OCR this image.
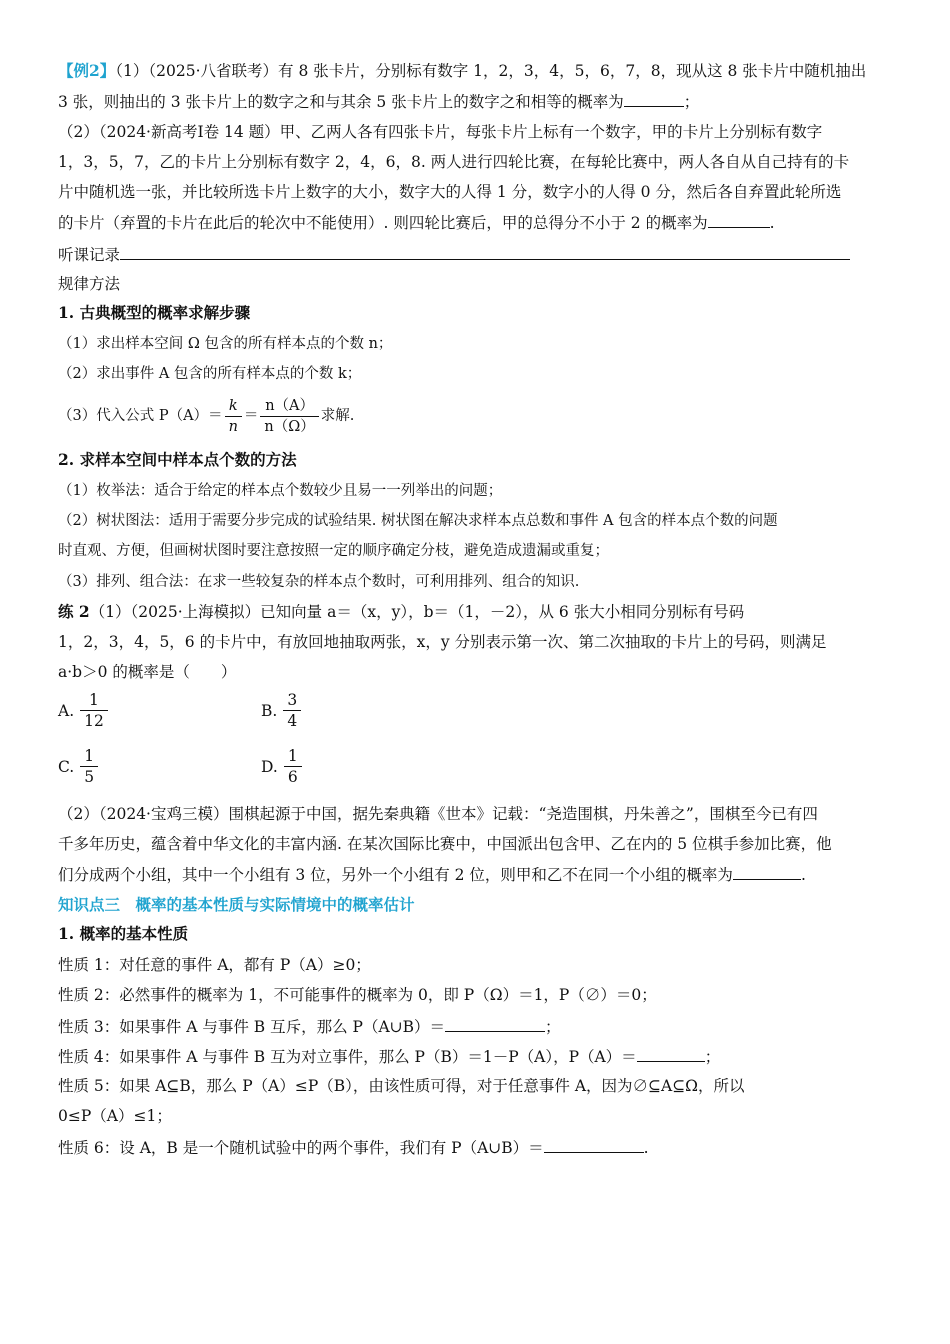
【例2】（1）（2025·八省联考）有 8 张卡片，分别标有数字 1，2，3，4，5，6，7，8，现从这 8 张卡片中随机抽出
3 张，则抽出的 3 张卡片上的数字之和与其余 5 张卡片上的数字之和相等的概率为	；
（2）（2024·新高考Ⅰ卷 14 题）甲、乙两人各有四张卡片，每张卡片上标有一个数字，甲的卡片上分别标有数字
1，3，5，7，乙的卡片上分别标有数字 2，4，6，8. 两人进行四轮比赛，在每轮比赛中，两人各自从自己持有的卡
片中随机选一张，并比较所选卡片上数字的大小，数字大的人得 1 分，数字小的人得 0 分，然后各自弃置此轮所选
的卡片（弃置的卡片在此后的轮次中不能使用）. 则四轮比赛后，甲的总得分不小于 2 的概率为	.
听课记录
规律方法
1. 古典概型的概率求解步骤
（1）求出样本空间 Ω 包含的所有样本点的个数 n；
（2）求出事件 A 包含的所有样本点的个数 k；
（3）代入公式 $P(A)= \frac{k}{n} = \frac{n(A)}{n(\Omega)}$ 求解.
2. 求样本空间中样本点个数的方法
（1）枚举法：适合于给定的样本点个数较少且易一一列举出的问题；
（2）树状图法：适用于需要分步完成的试验结果. 树状图在解决求样本点总数和事件 A 包含的样本点个数的问题
时直观、方便，但画树状图时要注意按照一定的顺序确定分枝，避免造成遗漏或重复；
（3）排列、组合法：在求一些较复杂的样本点个数时，可利用排列、组合的知识.
练 2（1）（2025·上海模拟）已知向量 a＝（x，y），b＝（1，－2），从 6 张大小相同分别标有号码
1，2，3，4，5，6 的卡片中，有放回地抽取两张，x，y 分别表示第一次、第二次抽取的卡片上的号码，则满足
a·b＞0 的概率是（　　）
A. $\frac{1}{12}$	B. $\frac{3}{4}$
C. $\frac{1}{5}$	D. $\frac{1}{6}$
（2）（2024·宝鸡三模）围棋起源于中国，据先秦典籍《世本》记载：“尧造围棋，丹朱善之”，围棋至今已有四
千多年历史，蕴含着中华文化的丰富内涵. 在某次国际比赛中，中国派出包含甲、乙在内的 5 位棋手参加比赛，他
们分成两个小组，其中一个小组有 3 位，另外一个小组有 2 位，则甲和乙不在同一个小组的概率为	.
知识点三　概率的基本性质与实际情境中的概率估计
1. 概率的基本性质
性质 1：对任意的事件 A，都有 P（A）≥0；
性质 2：必然事件的概率为 1，不可能事件的概率为 0，即 P（Ω）＝1，P（∅）＝0；
性质 3：如果事件 A 与事件 B 互斥，那么 P（A∪B）＝	；
性质 4：如果事件 A 与事件 B 互为对立事件，那么 P（B）＝1－P（A），P（A）＝	；
性质 5：如果 A⊆B，那么 P（A）≤P（B），由该性质可得，对于任意事件 A，因为∅⊆A⊆Ω，所以
0≤P（A）≤1；
性质 6：设 A，B 是一个随机试验中的两个事件，我们有 P（A∪B）＝	.
